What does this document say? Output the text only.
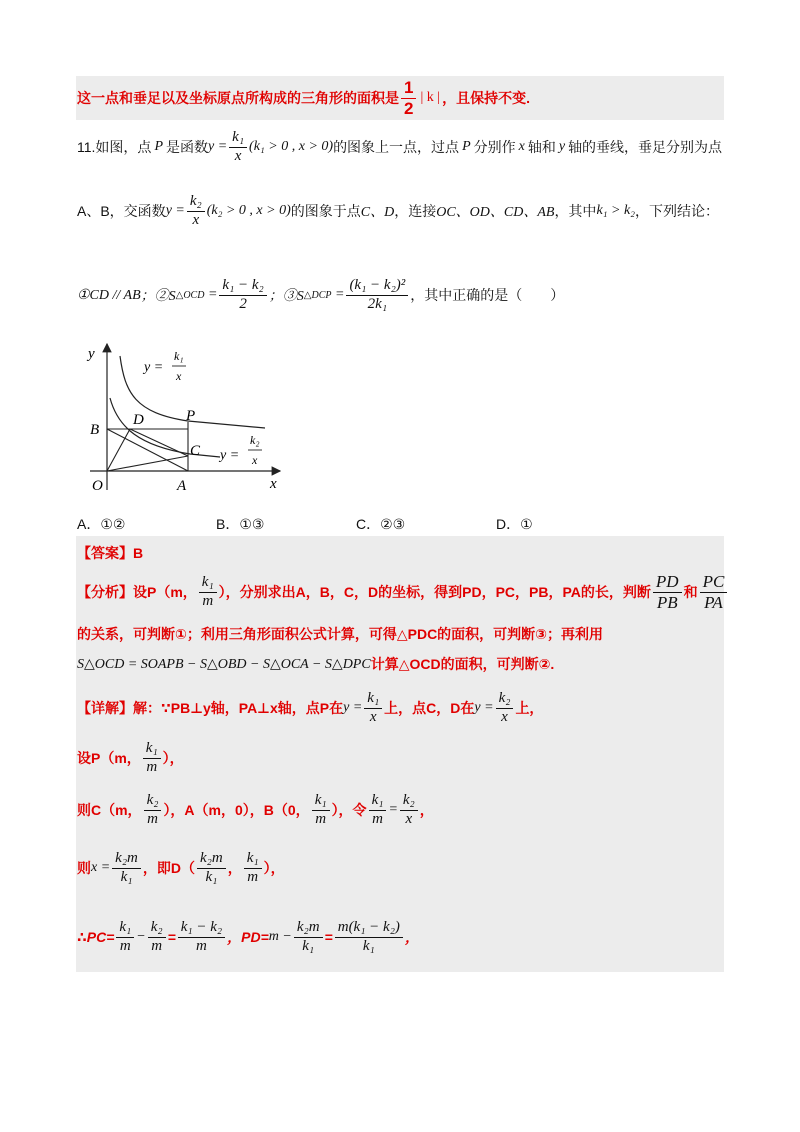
这一点和垂足以及坐标原点所构成的三角形的面积是 $\frac{1}{2}$ | k | ，且保持不变.
11.如图，点 P 是函数 $y = \frac{\text{k₁}}{x} (k_1 > 0$ , x > 0) 的图象上一点，过点 P 分别作 x 轴和 y 轴的垂线，垂足分别为点
A、B，交函数 $y = \frac{\text{k₂}}{x} (k_2 > 0$ , x > 0) 的图象于点 C、D ，连接 OC、OD、CD、AB ，其中 k₁ > k₂ ，下列结论：
①CD // AB ；②S △OCD = $\frac{\text{k₁ − k₂}}{2}$ ；③S △DCP = $\frac{\text{(k₁ − k₂)²}}{\text{2k₁}}$ ，其中正确的是（　　）
y
x
O	A
B
C
D	P
y =
k₁
x
y =
k₂
x
A．①②	B．①③	C．②③	D．①
【答案】 B
【分析】 设 P（m， $\frac{\text{k₁}}{m}$ ），分别求出 A，B，C，D 的坐标，得到 PD，PC，PB，PA 的长，判断 $\frac{PD}{PB}$ 和 $\frac{PC}{PA}$
的关系，可判断①；利用三角形面积公式计算，可得△PDC的面积，可判断③；再利用
S△OCD = SOAPB − S△OBD − S△OCA − S△DPC 计算△OCD的面积，可判断②.
【详解】 解：∵PB⊥y轴，PA⊥x轴，点P在 $y = \frac{\text{k₁}}{x}$ 上，点C，D在 $y = \frac{\text{k₂}}{x}$ 上，
设P（m， $\frac{\text{k₁}}{m}$ ），
则C（m， $\frac{\text{k₂}}{m}$ ），A（m，0），B（0， $\frac{\text{k₁}}{m}$ ），令 $\frac{\text{k₁}}{m} = \frac{\text{k₂}}{x}$ ，
则 $x = \frac{\text{k₂m}}{\text{k₁}}$ ，即$D( \frac{\text{k₂m}}{\text{k₁}}$ ， $\frac{\text{k₁}}{m}$ ），
∴PC= $\frac{\text{k₁}}{m} - \frac{\text{k₂}}{m} = \frac{\text{k₁ − k₂}}{m}$ ，$PD= m - \frac{\text{k₂m}}{\text{k₁}} = \frac{\text{m(k₁ − k₂)}}{\text{k₁}}$ ，
